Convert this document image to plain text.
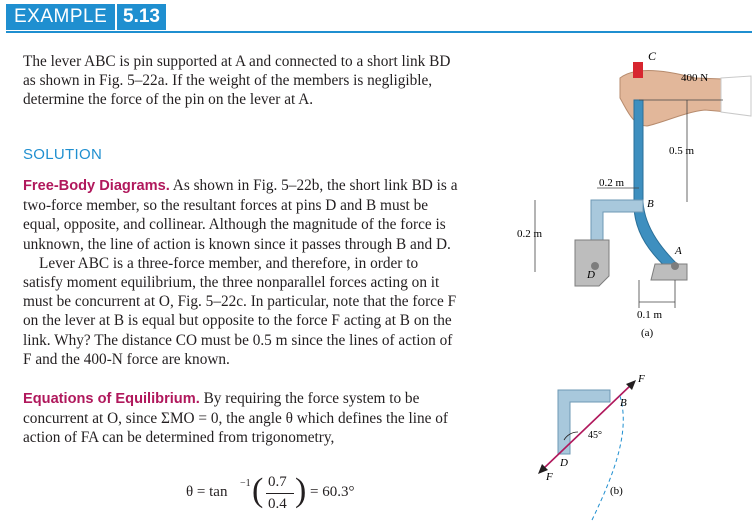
EXAMPLE 5.13

The lever ABC is pin supported at A and connected to a short link BD

as shown in Fig. 5–22a. If the weight of the members is negligible,

determine the force of the pin on the lever at A.

SOLUTION

Free-Body Diagrams. As shown in Fig. 5–22b, the short link BD is a

two-force member, so the resultant forces at pins D and B must be

equal, opposite, and collinear. Although the magnitude of the force is

unknown, the line of action is known since it passes through B and D.

Lever ABC is a three-force member, and therefore, in order to

satisfy moment equilibrium, the three nonparallel forces acting on it

must be concurrent at O, Fig. 5–22c. In particular, note that the force F

on the lever at B is equal but opposite to the force F acting at B on the

link. Why? The distance CO must be 0.5 m since the lines of action of

F and the 400-N force are known.

Equations of Equilibrium. By requiring the force system to be

concurrent at O, since ΣMO = 0, the angle θ which defines the line of

action of FA can be determined from trigonometry,

θ = tan
−1 ( 0.7
0.4 ) = 60.3°
C
400 N
0.5 m
0.2 m
B
0.2 m
A
D
0.1 m
(a)
F
B
45°
D
F
(b)
